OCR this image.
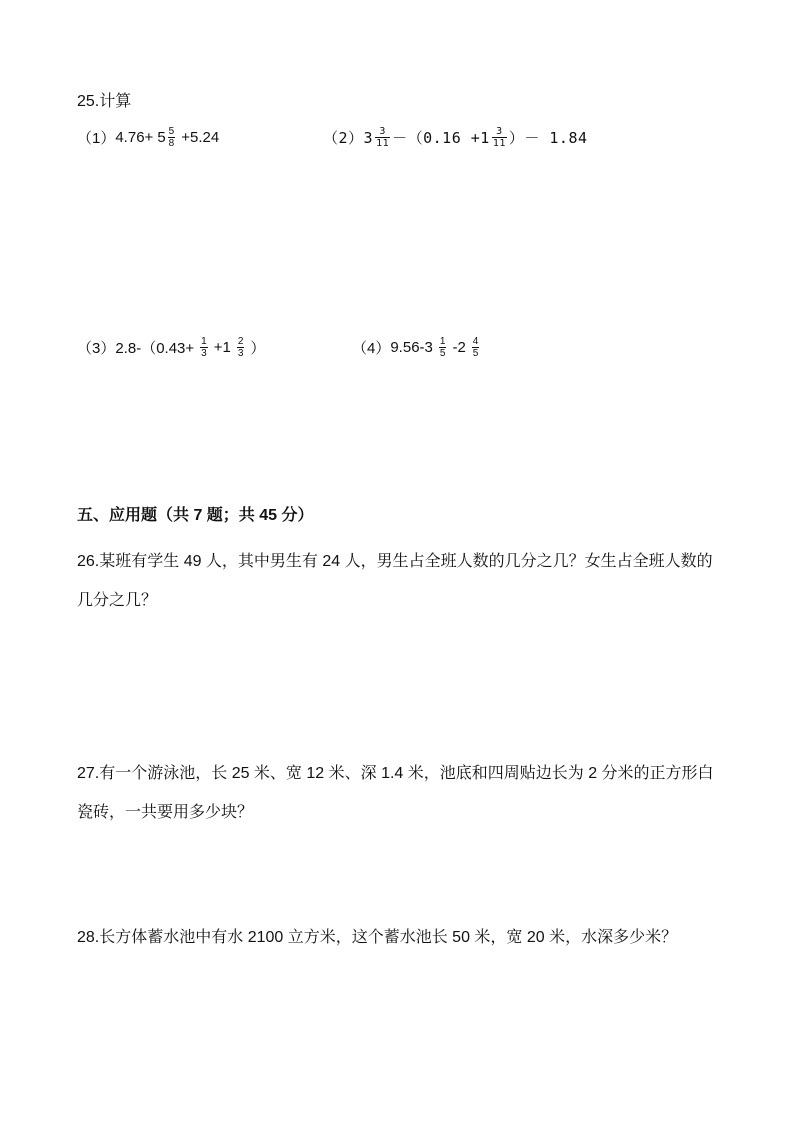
25.计算
（1） $4.76+ 5 \frac{5}{8} +5.24$	（2） $3 \frac{3}{11} -(0.16 + 1 \frac{3}{11}$ ）－ 1.84
（3） $2.8-(0.43+ \frac{1}{3} +1 \frac{2}{3}$ ）	（4） $9.56-3 \frac{1}{5} -2 \frac{4}{5}$
五、应用题（共 7 题；共 45 分）
26.某班有学生 49 人，其中男生有 24 人，男生占全班人数的几分之几？女生占全班人数的几分之几？
27.有一个游泳池，长 25 米、宽 12 米、深 1.4 米，池底和四周贴边长为 2 分米的正方形白瓷砖，一共要用多少块？
28.长方体蓄水池中有水 2100 立方米，这个蓄水池长 50 米，宽 20 米，水深多少米？
